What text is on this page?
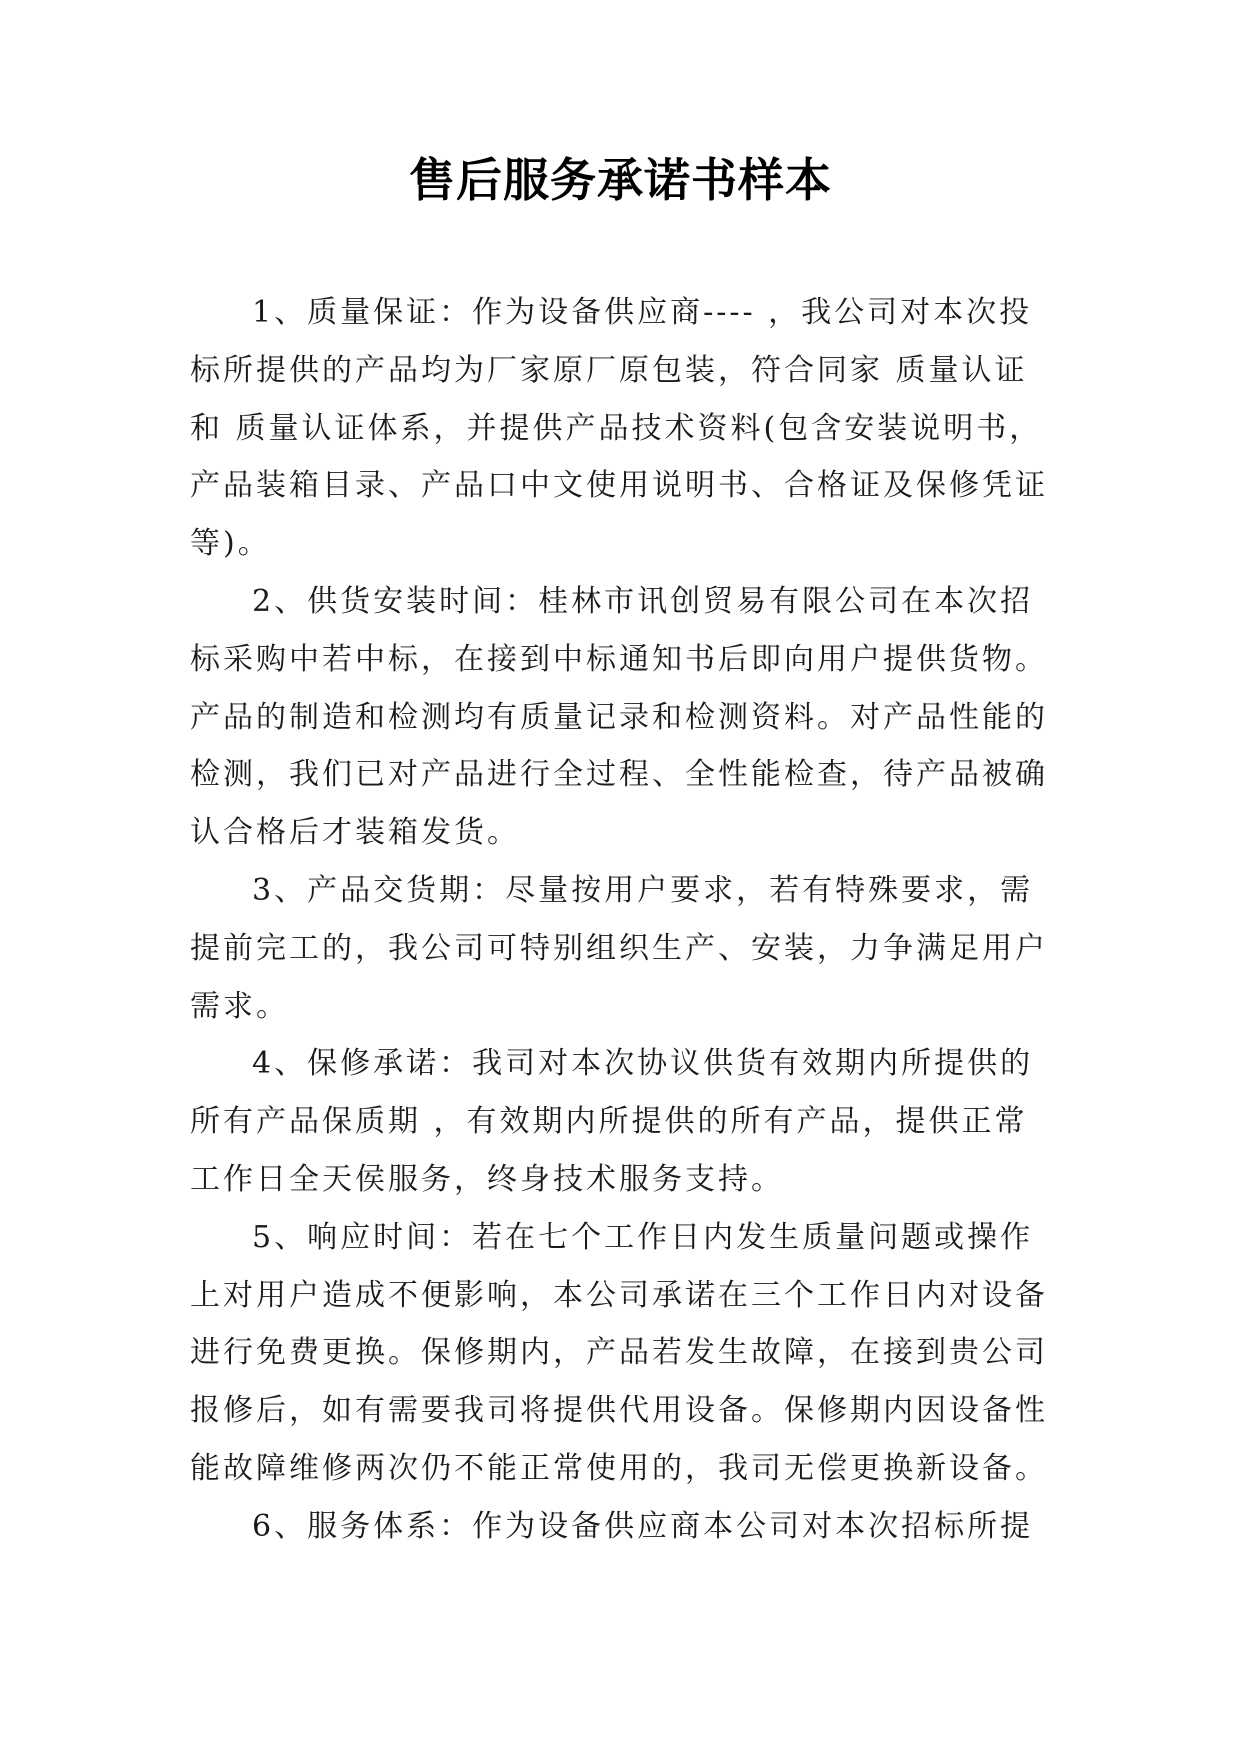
售后服务承诺书样本
1、质量保证：作为设备供应商---- ，我公司对本次投
标所提供的产品均为厂家原厂原包装，符合同家 质量认证
和 质量认证体系，并提供产品技术资料(包含安装说明书，
产品装箱目录、产品口中文使用说明书、合格证及保修凭证
等)。
2、供货安装时间：桂林市讯创贸易有限公司在本次招
标采购中若中标，在接到中标通知书后即向用户提供货物。
产品的制造和检测均有质量记录和检测资料。对产品性能的
检测，我们已对产品进行全过程、全性能检查，待产品被确
认合格后才装箱发货。
3、产品交货期：尽量按用户要求，若有特殊要求，需
提前完工的，我公司可特别组织生产、安装，力争满足用户
需求。
4、保修承诺：我司对本次协议供货有效期内所提供的
所有产品保质期 ，有效期内所提供的所有产品，提供正常
工作日全天侯服务，终身技术服务支持。
5、响应时间：若在七个工作日内发生质量问题或操作
上对用户造成不便影响，本公司承诺在三个工作日内对设备
进行免费更换。保修期内，产品若发生故障，在接到贵公司
报修后，如有需要我司将提供代用设备。保修期内因设备性
能故障维修两次仍不能正常使用的，我司无偿更换新设备。
6、服务体系：作为设备供应商本公司对本次招标所提
